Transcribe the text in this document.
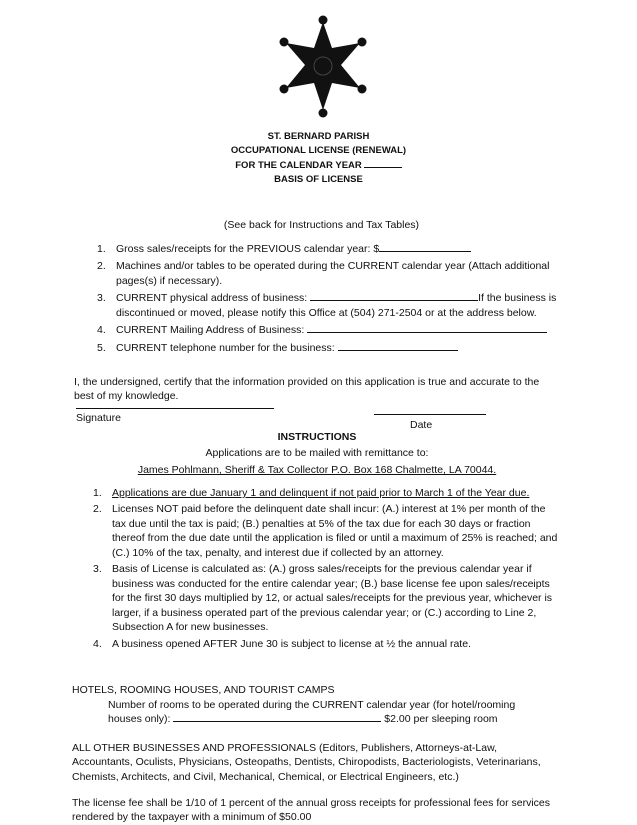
ST. BERNARD PARISH
OCCUPATIONAL LICENSE (RENEWAL)
FOR THE CALENDAR YEAR
BASIS OF LICENSE
(See back for Instructions and Tax Tables)
1. Gross sales/receipts for the PREVIOUS calendar year: $
2. Machines and/or tables to be operated during the CURRENT calendar year (Attach additional pages(s) if necessary).
3. CURRENT physical address of business:	If the business is discontinued or moved, please notify this Office at (504) 271-2504 or at the address below.
4. CURRENT Mailing Address of Business:
5. CURRENT telephone number for the business:
I, the undersigned, certify that the information provided on this application is true and accurate to the best of my knowledge.
Signature
Date
INSTRUCTIONS
Applications are to be mailed with remittance to:
James Pohlmann, Sheriff & Tax Collector P.O. Box 168 Chalmette, LA 70044.
1. Applications are due January 1 and delinquent if not paid prior to March 1 of the Year due.
2. Licenses NOT paid before the delinquent date shall incur: (A.) interest at 1% per month of the tax due until the tax is paid; (B.) penalties at 5% of the tax due for each 30 days or fraction thereof from the due date until the application is filed or until a maximum of 25% is reached; and (C.) 10% of the tax, penalty, and interest due if collected by an attorney.
3. Basis of License is calculated as: (A.) gross sales/receipts for the previous calendar year if business was conducted for the entire calendar year; (B.) base license fee upon sales/receipts for the first 30 days multiplied by 12, or actual sales/receipts for the previous year, whichever is larger, if a business operated part of the previous calendar year; or (C.) according to Line 2, Subsection A for new businesses.
4. A business opened AFTER June 30 is subject to license at ½ the annual rate.
HOTELS, ROOMING HOUSES, AND TOURIST CAMPS
Number of rooms to be operated during the CURRENT calendar year (for hotel/rooming houses only):	$2.00 per sleeping room
ALL OTHER BUSINESSES AND PROFESSIONALS (Editors, Publishers, Attorneys-at-Law, Accountants, Oculists, Physicians, Osteopaths, Dentists, Chiropodists, Bacteriologists, Veterinarians, Chemists, Architects, and Civil, Mechanical, Chemical, or Electrical Engineers, etc.)
The license fee shall be 1/10 of 1 percent of the annual gross receipts for professional fees for services rendered by the taxpayer with a minimum of $50.00
